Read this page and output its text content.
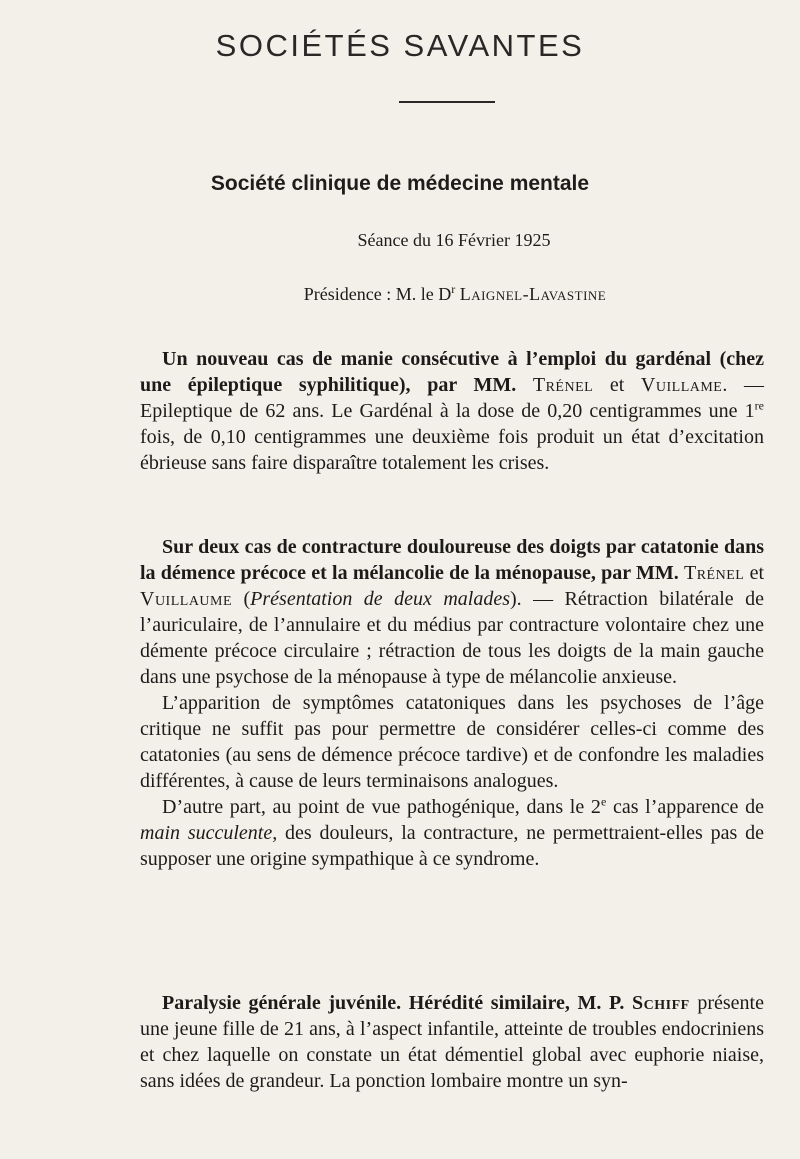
SOCIÉTÉS SAVANTES
Société clinique de médecine mentale
Séance du 16 Février 1925
Présidence : M. le $D^r$ Laignel-Lavastine

Un nouveau cas de manie consécutive à l’emploi du gardénal (chez une épileptique syphilitique), par MM. Trénel et Vuillame. — Epileptique de 62 ans. Le Gardénal à la dose de 0,20 centigrammes une 1re fois, de 0,10 centigrammes une deuxième fois produit un état d’excitation ébrieuse sans faire disparaître totalement les crises.

Sur deux cas de contracture douloureuse des doigts par catatonie dans la démence précoce et la mélancolie de la ménopause, par MM. Trénel et Vuillaume (Présentation de deux malades). — Rétraction bilatérale de l’auriculaire, de l’annulaire et du médius par contracture volontaire chez une démente précoce circulaire ; rétraction de tous les doigts de la main gauche dans une psychose de la ménopause à type de mélancolie anxieuse.

L’apparition de symptômes catatoniques dans les psychoses de l’âge critique ne suffit pas pour permettre de considérer celles-ci comme des catatonies (au sens de démence précoce tardive) et de confondre les maladies différentes, à cause de leurs terminaisons analogues.

D’autre part, au point de vue pathogénique, dans le 2e cas l’apparence de main succulente, des douleurs, la contracture, ne permettraient-elles pas de supposer une origine sympathique à ce syndrome.

Paralysie générale juvénile. Hérédité similaire, M. P. Schiff présente une jeune fille de 21 ans, à l’aspect infantile, atteinte de troubles endocriniens et chez laquelle on constate un état démentiel global avec euphorie niaise, sans idées de grandeur. La ponction lombaire montre un syn-
